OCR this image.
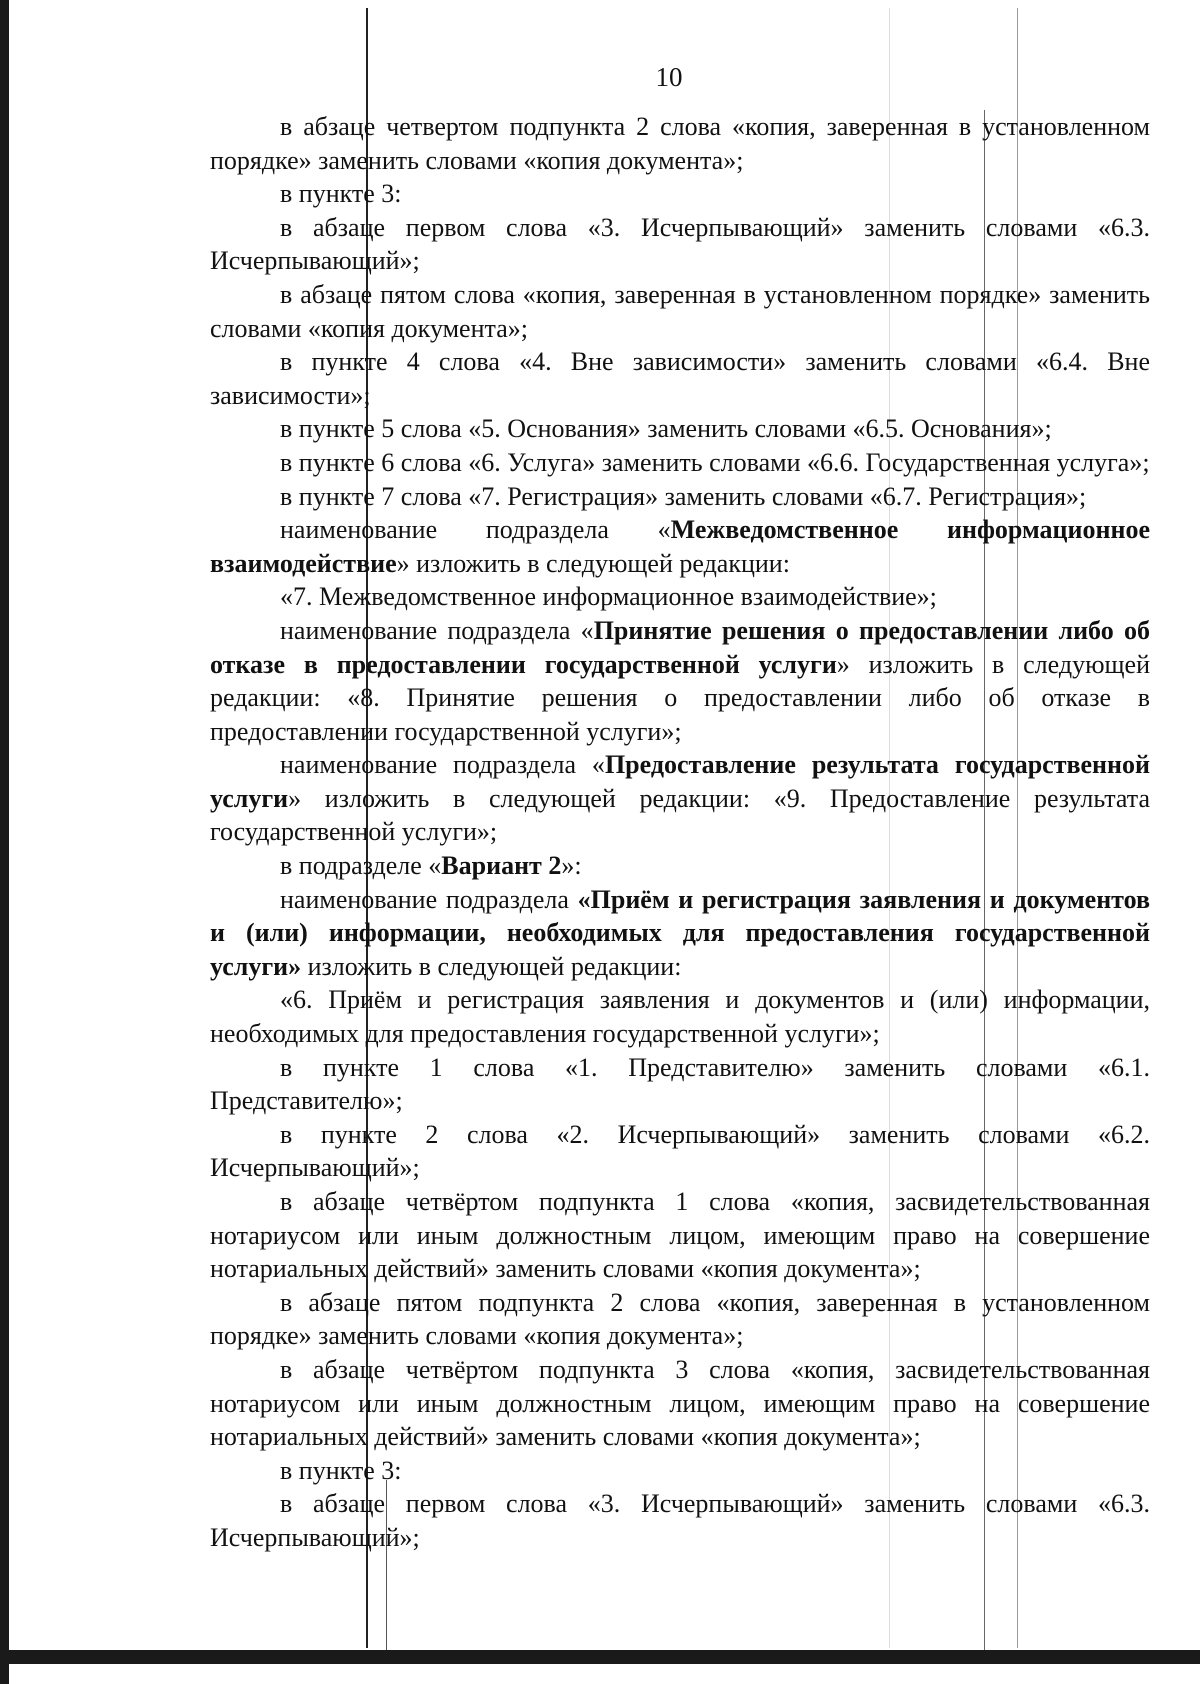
10

в абзаце четвертом подпункта 2 слова «копия, заверенная в установленном порядке» заменить словами «копия документа»;

в пункте 3:

в абзаце первом слова «3. Исчерпывающий» заменить словами «6.3. Исчерпывающий»;

в абзаце пятом слова «копия, заверенная в установленном порядке» заменить словами «копия документа»;

в пункте 4 слова «4. Вне зависимости» заменить словами «6.4. Вне зависимости»;

в пункте 5 слова «5. Основания» заменить словами «6.5. Основания»;

в пункте 6 слова «6. Услуга» заменить словами «6.6. Государственная услуга»;

в пункте 7 слова «7. Регистрация» заменить словами «6.7. Регистрация»;

наименование подраздела «Межведомственное информационное взаимодействие» изложить в следующей редакции:

«7. Межведомственное информационное взаимодействие»;

наименование подраздела «Принятие решения о предоставлении либо об отказе в предоставлении государственной услуги» изложить в следующей редакции: «8. Принятие решения о предоставлении либо об отказе в предоставлении государственной услуги»;

наименование подраздела «Предоставление результата государственной услуги» изложить в следующей редакции: «9. Предоставление результата государственной услуги»;

в подразделе «Вариант 2»:

наименование подраздела «Приём и регистрация заявления и документов и (или) информации, необходимых для предоставления государственной услуги» изложить в следующей редакции:

«6. Приём и регистрация заявления и документов и (или) информации, необходимых для предоставления государственной услуги»;

в пункте 1 слова «1. Представителю» заменить словами «6.1. Представителю»;

в пункте 2 слова «2. Исчерпывающий» заменить словами «6.2. Исчерпывающий»;

в абзаце четвёртом подпункта 1 слова «копия, засвидетельствованная нотариусом или иным должностным лицом, имеющим право на совершение нотариальных действий» заменить словами «копия документа»;

в абзаце пятом подпункта 2 слова «копия, заверенная в установленном порядке» заменить словами «копия документа»;

в абзаце четвёртом подпункта 3 слова «копия, засвидетельствованная нотариусом или иным должностным лицом, имеющим право на совершение нотариальных действий» заменить словами «копия документа»;

в пункте 3:

в абзаце первом слова «3. Исчерпывающий» заменить словами «6.3. Исчерпывающий»;
